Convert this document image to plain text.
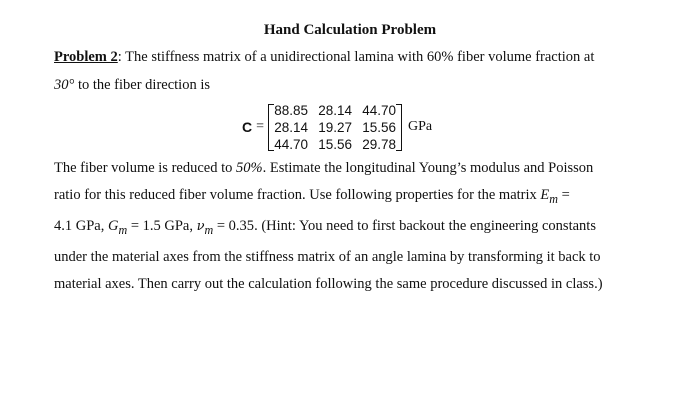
Hand Calculation Problem
Problem 2: The stiffness matrix of a unidirectional lamina with 60% fiber volume fraction at
30° to the fiber direction is
C =
88.85 28.14 44.70
28.14 19.27 15.56
44.70 15.56 29.78
GPa

The fiber volume is reduced to 50%. Estimate the longitudinal Young’s modulus and Poisson

ratio for this reduced fiber volume fraction. Use following properties for the matrix $E_m$ =

4.1 GPa, $G_m = 1.5$ GPa, $\nu_m = 0.35$. (Hint: You need to first backout the engineering constants

under the material axes from the stiffness matrix of an angle lamina by transforming it back to

material axes. Then carry out the calculation following the same procedure discussed in class.)
